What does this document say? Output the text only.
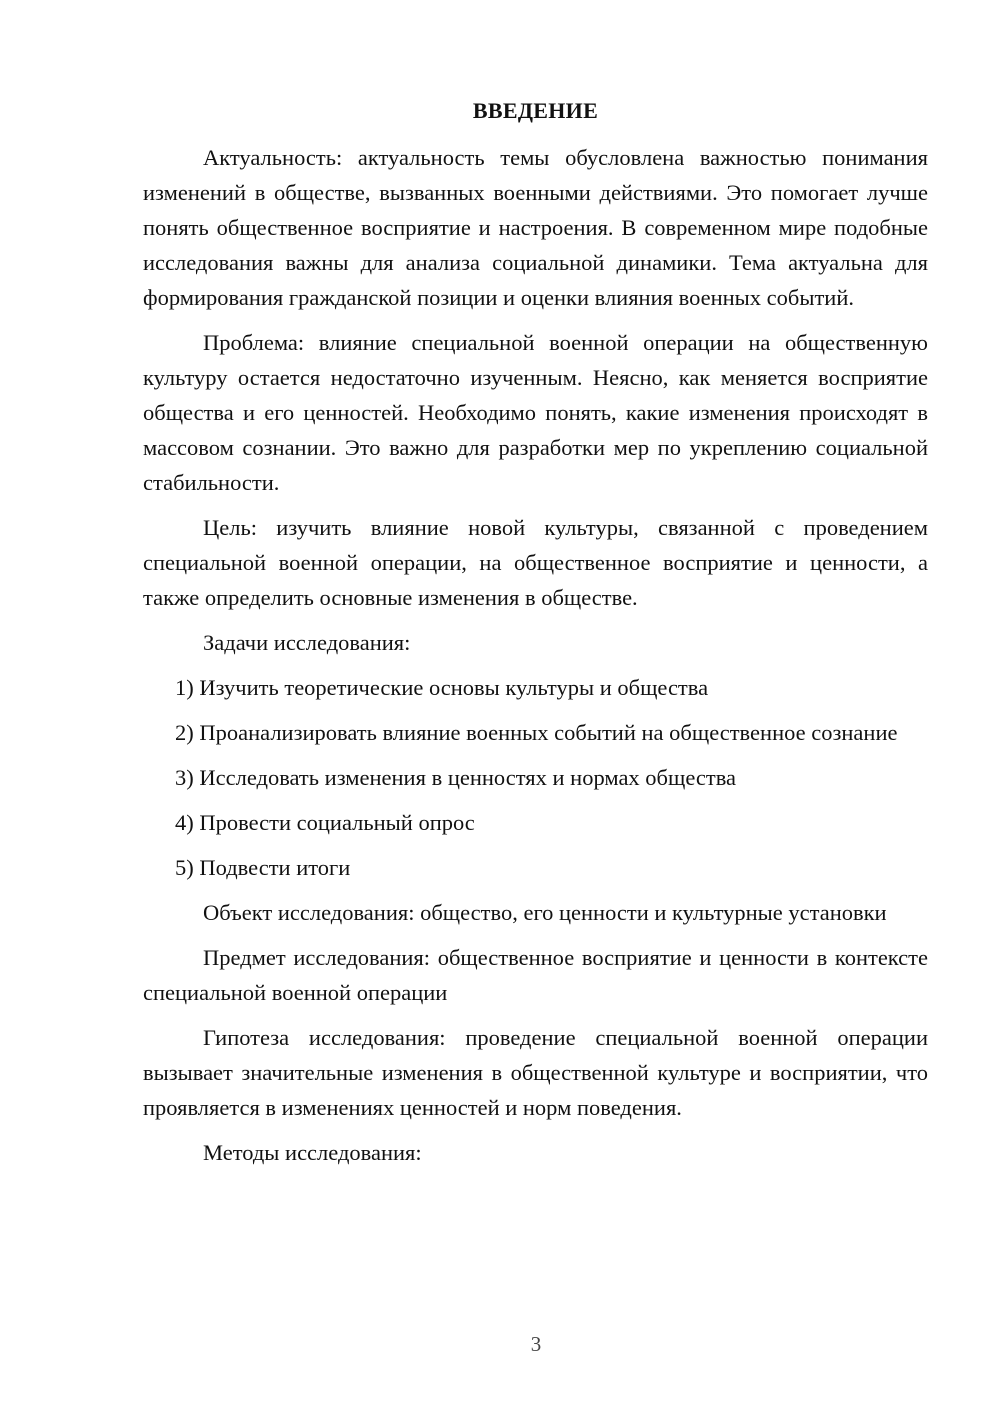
ВВЕДЕНИЕ

Актуальность: актуальность темы обусловлена важностью понимания изменений в обществе, вызванных военными действиями. Это помогает лучше понять общественное восприятие и настроения. В современном мире подобные исследования важны для анализа социальной динамики. Тема актуальна для формирования гражданской позиции и оценки влияния военных событий.

Проблема: влияние специальной военной операции на общественную культуру остается недостаточно изученным. Неясно, как меняется восприятие общества и его ценностей. Необходимо понять, какие изменения происходят в массовом сознании. Это важно для разработки мер по укреплению социальной стабильности.

Цель: изучить влияние новой культуры, связанной с проведением специальной военной операции, на общественное восприятие и ценности, а также определить основные изменения в обществе.

Задачи исследования:

1) Изучить теоретические основы культуры и общества

2) Проанализировать влияние военных событий на общественное сознание

3) Исследовать изменения в ценностях и нормах общества

4) Провести социальный опрос

5) Подвести итоги

Объект исследования: общество, его ценности и культурные установки

Предмет исследования: общественное восприятие и ценности в контексте специальной военной операции

Гипотеза исследования: проведение специальной военной операции вызывает значительные изменения в общественной культуре и восприятии, что проявляется в изменениях ценностей и норм поведения.

Методы исследования:

3
